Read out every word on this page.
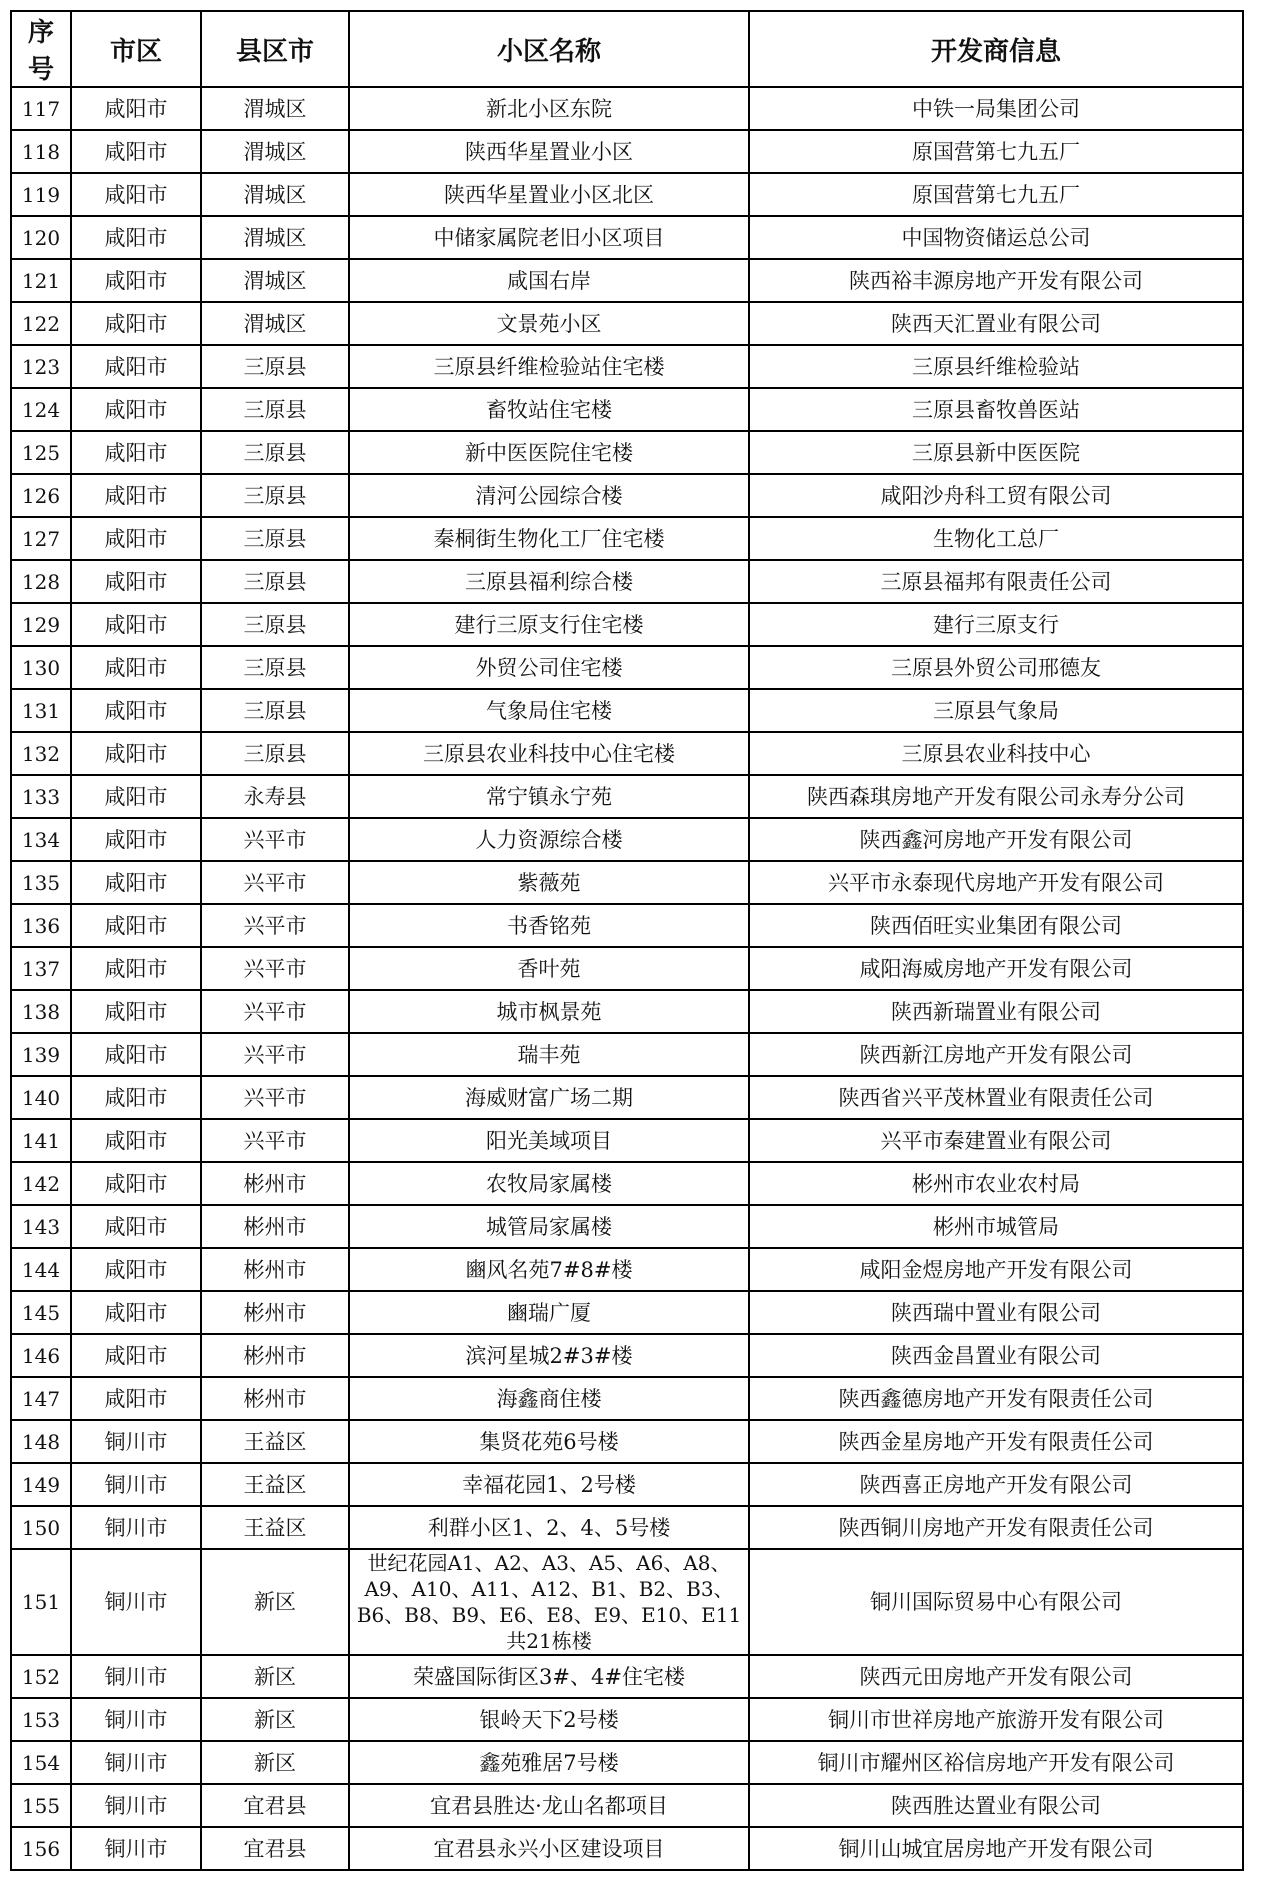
序号	市区	县区市	小区名称	开发商信息
117	咸阳市	渭城区	新北小区东院	中铁一局集团公司
118	咸阳市	渭城区	陕西华星置业小区	原国营第七九五厂
119	咸阳市	渭城区	陕西华星置业小区北区	原国营第七九五厂
120	咸阳市	渭城区	中储家属院老旧小区项目	中国物资储运总公司
121	咸阳市	渭城区	咸国右岸	陕西裕丰源房地产开发有限公司
122	咸阳市	渭城区	文景苑小区	陕西天汇置业有限公司
123	咸阳市	三原县	三原县纤维检验站住宅楼	三原县纤维检验站
124	咸阳市	三原县	畜牧站住宅楼	三原县畜牧兽医站
125	咸阳市	三原县	新中医医院住宅楼	三原县新中医医院
126	咸阳市	三原县	清河公园综合楼	咸阳沙舟科工贸有限公司
127	咸阳市	三原县	秦桐街生物化工厂住宅楼	生物化工总厂
128	咸阳市	三原县	三原县福利综合楼	三原县福邦有限责任公司
129	咸阳市	三原县	建行三原支行住宅楼	建行三原支行
130	咸阳市	三原县	外贸公司住宅楼	三原县外贸公司邢德友
131	咸阳市	三原县	气象局住宅楼	三原县气象局
132	咸阳市	三原县	三原县农业科技中心住宅楼	三原县农业科技中心
133	咸阳市	永寿县	常宁镇永宁苑	陕西森琪房地产开发有限公司永寿分公司
134	咸阳市	兴平市	人力资源综合楼	陕西鑫河房地产开发有限公司
135	咸阳市	兴平市	紫薇苑	兴平市永泰现代房地产开发有限公司
136	咸阳市	兴平市	书香铭苑	陕西佰旺实业集团有限公司
137	咸阳市	兴平市	香叶苑	咸阳海威房地产开发有限公司
138	咸阳市	兴平市	城市枫景苑	陕西新瑞置业有限公司
139	咸阳市	兴平市	瑞丰苑	陕西新江房地产开发有限公司
140	咸阳市	兴平市	海威财富广场二期	陕西省兴平茂林置业有限责任公司
141	咸阳市	兴平市	阳光美域项目	兴平市秦建置业有限公司
142	咸阳市	彬州市	农牧局家属楼	彬州市农业农村局
143	咸阳市	彬州市	城管局家属楼	彬州市城管局
144	咸阳市	彬州市	豳风名苑7#8#楼	咸阳金煜房地产开发有限公司
145	咸阳市	彬州市	豳瑞广厦	陕西瑞中置业有限公司
146	咸阳市	彬州市	滨河星城2#3#楼	陕西金昌置业有限公司
147	咸阳市	彬州市	海鑫商住楼	陕西鑫德房地产开发有限责任公司
148	铜川市	王益区	集贤花苑6号楼	陕西金星房地产开发有限责任公司
149	铜川市	王益区	幸福花园1、2号楼	陕西喜正房地产开发有限公司
150	铜川市	王益区	利群小区1、2、4、5号楼	陕西铜川房地产开发有限责任公司
151	铜川市	新区	世纪花园A1、A2、A3、A5、A6、A8、A9、A10、A11、A12、B1、B2、B3、B6、B8、B9、E6、E8、E9、E10、E11共21栋楼	铜川国际贸易中心有限公司
152	铜川市	新区	荣盛国际街区3#、4#住宅楼	陕西元田房地产开发有限公司
153	铜川市	新区	银岭天下2号楼	铜川市世祥房地产旅游开发有限公司
154	铜川市	新区	鑫苑雅居7号楼	铜川市耀州区裕信房地产开发有限公司
155	铜川市	宜君县	宜君县胜达·龙山名都项目	陕西胜达置业有限公司
156	铜川市	宜君县	宜君县永兴小区建设项目	铜川山城宜居房地产开发有限公司
